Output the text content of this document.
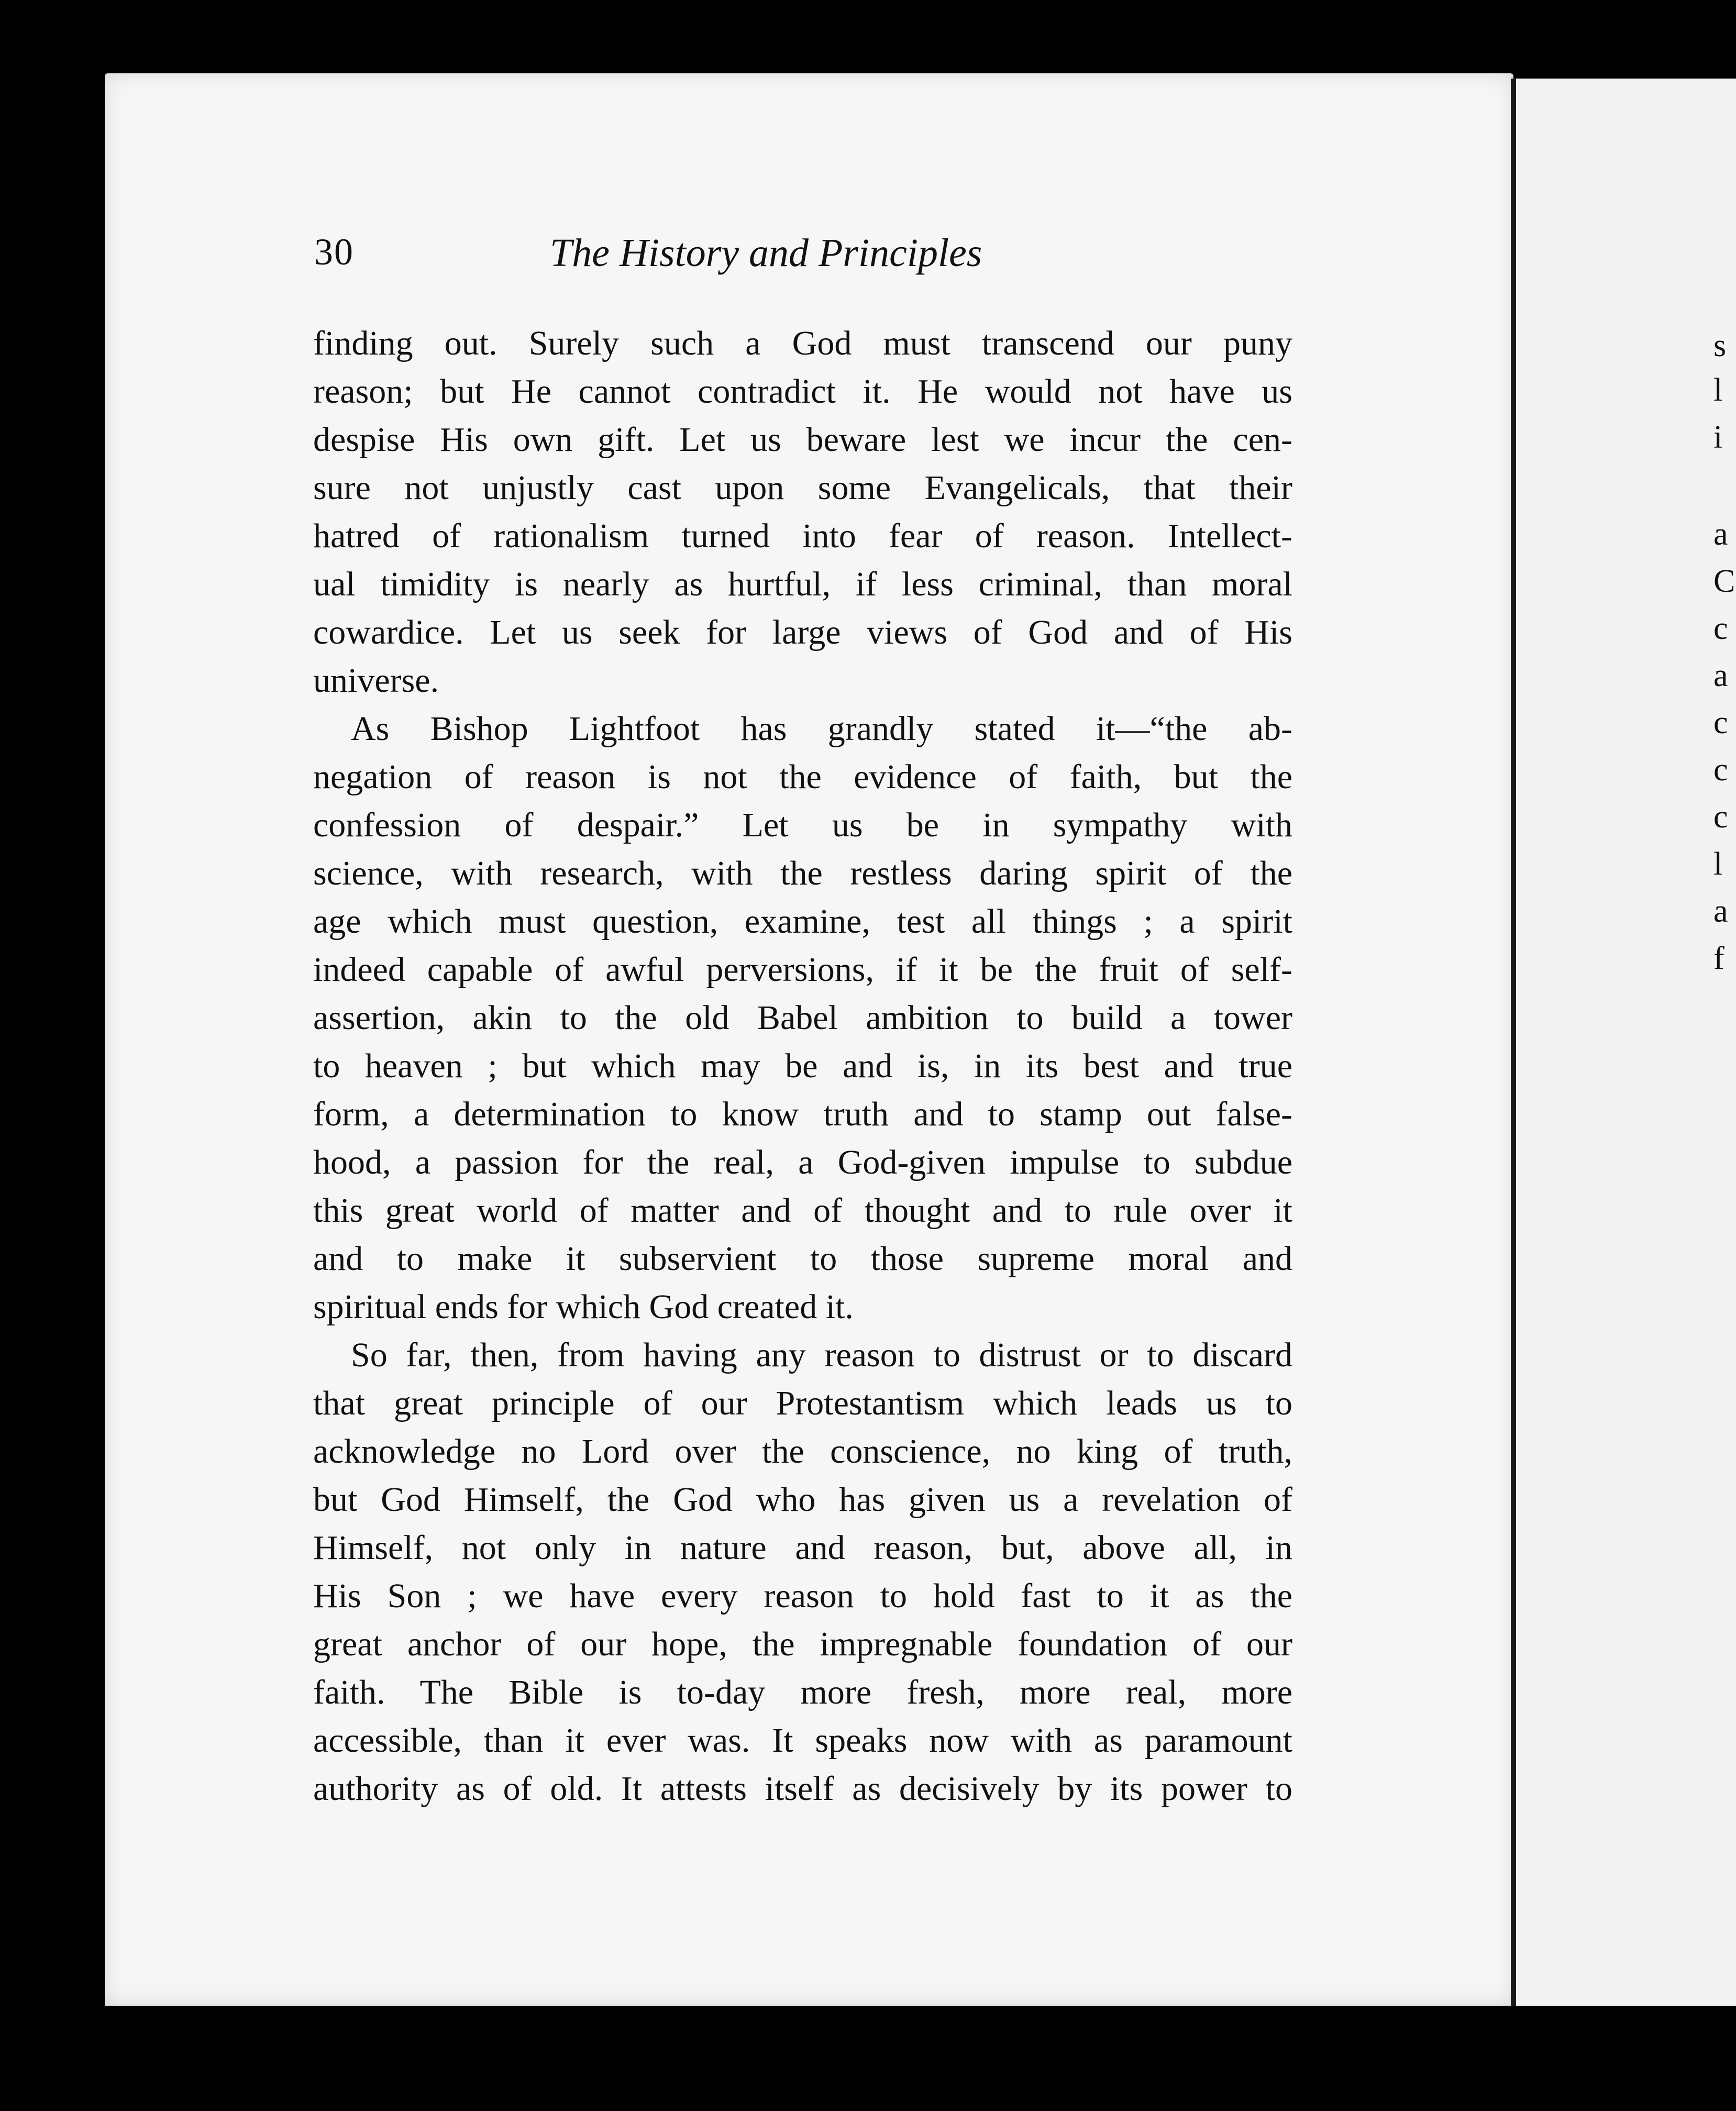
30	The History and Principles
finding out. Surely such a God must transcend our puny
reason; but He cannot contradict it. He would not have us
despise His own gift. Let us beware lest we incur the cen-
sure not unjustly cast upon some Evangelicals, that their
hatred of rationalism turned into fear of reason. Intellect-
ual timidity is nearly as hurtful, if less criminal, than moral
cowardice. Let us seek for large views of God and of His
universe.
As Bishop Lightfoot has grandly stated it—“the ab-
negation of reason is not the evidence of faith, but the
confession of despair.” Let us be in sympathy with
science, with research, with the restless daring spirit of the
age which must question, examine, test all things ; a spirit
indeed capable of awful perversions, if it be the fruit of self-
assertion, akin to the old Babel ambition to build a tower
to heaven ; but which may be and is, in its best and true
form, a determination to know truth and to stamp out false-
hood, a passion for the real, a God-given impulse to subdue
this great world of matter and of thought and to rule over it
and to make it subservient to those supreme moral and
spiritual ends for which God created it.
So far, then, from having any reason to distrust or to discard
that great principle of our Protestantism which leads us to
acknowledge no Lord over the conscience, no king of truth,
but God Himself, the God who has given us a revelation of
Himself, not only in nature and reason, but, above all, in
His Son ; we have every reason to hold fast to it as the
great anchor of our hope, the impregnable foundation of our
faith. The Bible is to-day more fresh, more real, more
accessible, than it ever was. It speaks now with as paramount
authority as of old. It attests itself as decisively by its power to
s
l
i
a
C
c
a
c
c
c
l
a
f
